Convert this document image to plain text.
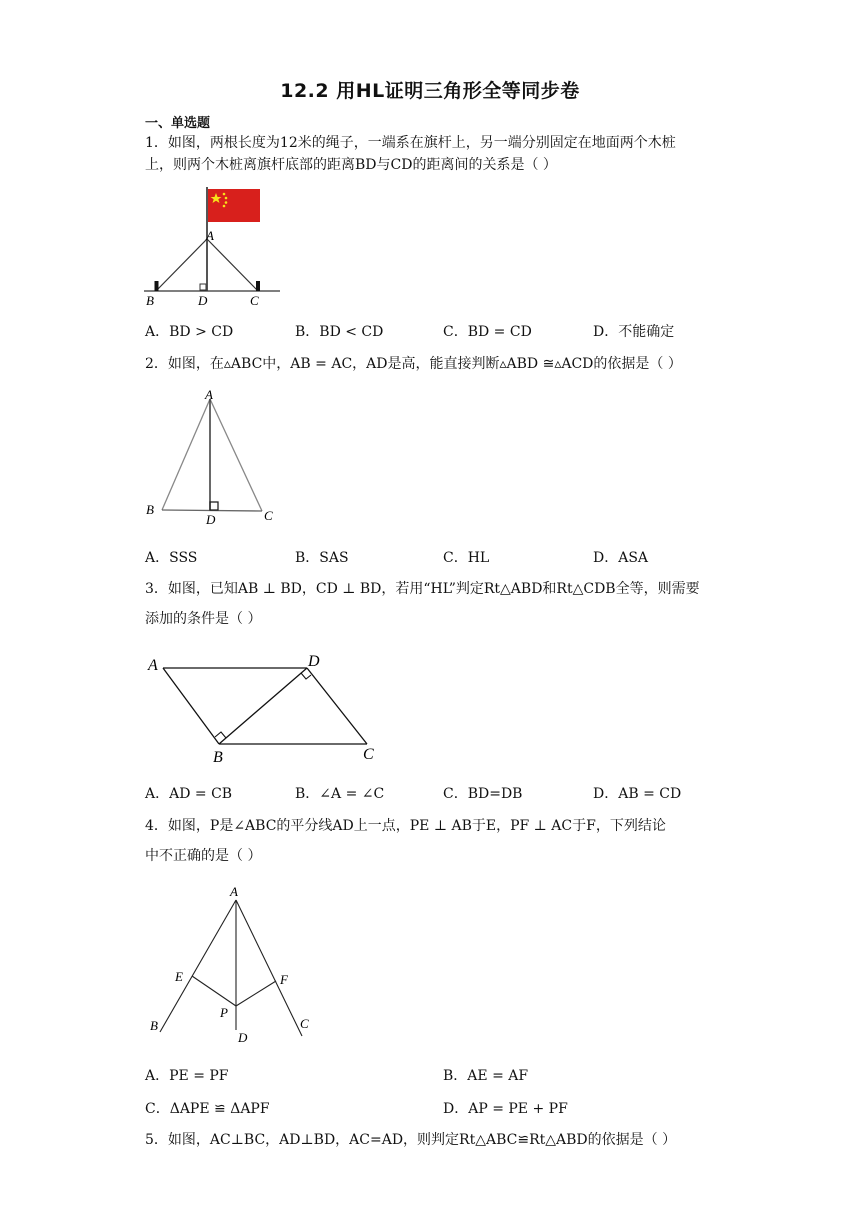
12.2 用HL证明三角形全等同步卷
一、单选题
1．如图，两根长度为12米的绳子，一端系在旗杆上，另一端分别固定在地面两个木桩
上，则两个木桩离旗杆底部的距离BD与CD的距离间的关系是（ ）
A
B	D	C
A．BD > CD	B．BD < CD	C．BD = CD	D．不能确定
2．如图，在▵ABC中，AB = AC，AD是高，能直接判断▵ABD ≅▵ACD的依据是（ ）
A
B
D	C
A．SSS	B．SAS	C．HL	D．ASA
3．如图，已知AB ⊥ BD，CD ⊥ BD，若用“HL”判定Rt△ABD和Rt△CDB全等，则需要
添加的条件是（ ）
A	D
B	C
A．AD = CB	B．∠A = ∠C	C．BD=DB	D．AB = CD
4．如图，P是∠ABC的平分线AD上一点，PE ⊥ AB于E，PF ⊥ AC于F，下列结论
中不正确的是（ ）
A
E	F
P
B
D
C
A．PE = PF	B．AE = AF
C．ΔAPE ≌ ΔAPF	D．AP = PE + PF
5．如图，AC⊥BC，AD⊥BD，AC=AD，则判定Rt△ABC≌Rt△ABD的依据是（ ）
